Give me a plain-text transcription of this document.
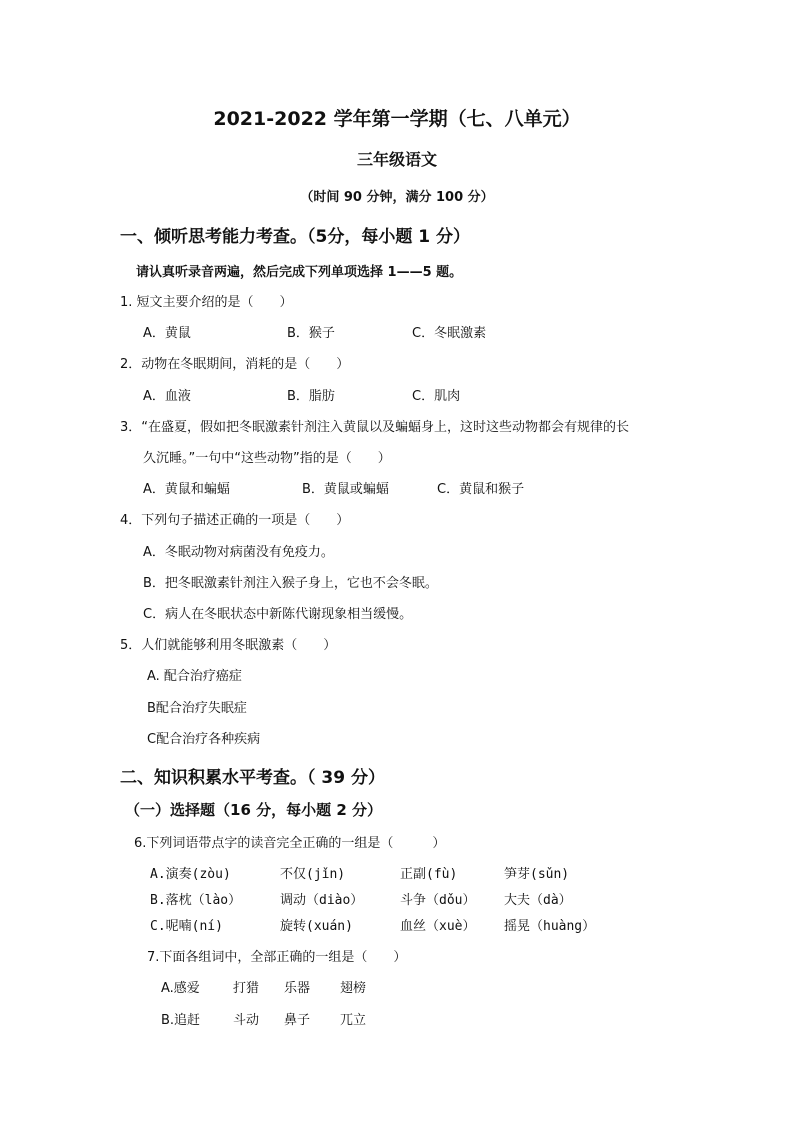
2021-2022 学年第一学期（七、八单元）
三年级语文
（时间 90 分钟，满分 100 分）
一、倾听思考能力考查。（5分，每小题 1 分）
请认真听录音两遍，然后完成下列单项选择 1——5 题。
1. 短文主要介绍的是（　　）
A．黄鼠	B．猴子	C．冬眠激素
2．动物在冬眠期间，消耗的是（　　）
A．血液	B．脂肪	C．肌肉
3．“在盛夏，假如把冬眠激素针剂注入黄鼠以及蝙蝠身上，这时这些动物都会有规律的长
久沉睡。”一句中“这些动物”指的是（　　）
A．黄鼠和蝙蝠	B．黄鼠或蝙蝠	C．黄鼠和猴子
4．下列句子描述正确的一项是（　　）
A．冬眠动物对病菌没有免疫力。
B．把冬眠激素针剂注入猴子身上，它也不会冬眠。
C．病人在冬眠状态中新陈代谢现象相当缓慢。
5．人们就能够利用冬眠激素（　　）
A. 配合治疗癌症
B配合治疗失眠症
C配合治疗各种疾病
二、知识积累水平考查。（ 39 分）
（一）选择题（16 分，每小题 2 分）
6.下列词语带点字的读音完全正确的一组是（　　　）
A.演奏(zòu)	不仅(jǐn)	正副(fù)	笋芽(sǔn)
B.落枕（lào）	调动（diào）	斗争（dǒu） 大夫（dà）
C.呢喃(ní)	旋转(xuán)	血丝（xuè） 摇晃（huàng）
7.下面各组词中，全部正确的一组是（　　）
A.感爱	打猎 乐器 翅榜
B.追赶	斗动 鼻子 兀立
